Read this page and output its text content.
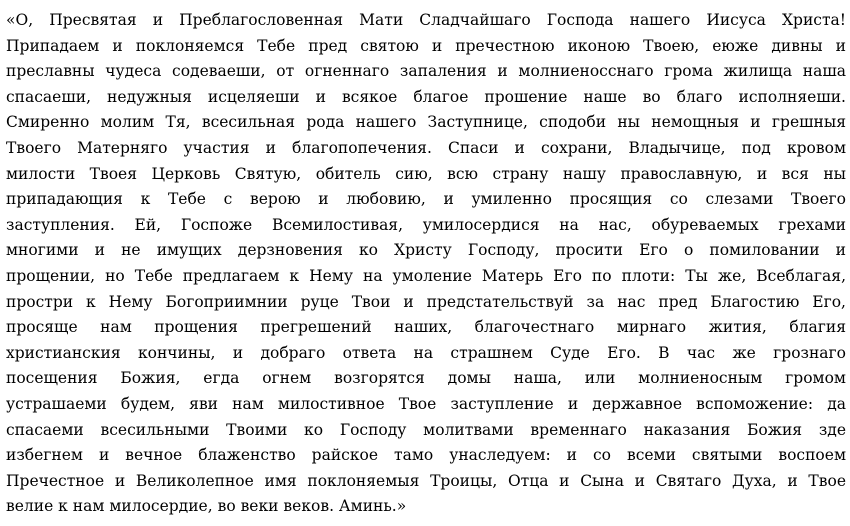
«О, Пресвятая и Преблагословенная Мати Сладчайшаго Господа нашего Иисуса Христа!
Припадаем и поклоняемся Тебе пред святою и пречестною иконою Твоею, еюже дивны и
преславны чудеса содеваеши, от огненнаго запаления и молниеносснаго грома жилища наша
спасаеши, недужныя исцеляеши и всякое благое прошение наше во благо исполняеши.
Смиренно молим Тя, всесильная рода нашего Заступнице, сподоби ны немощныя и грешныя
Твоего Матерняго участия и благопопечения. Спаси и сохрани, Владычице, под кровом
милости Твоея Церковь Святую, обитель сию, всю страну нашу православную, и вся ны
припадающия к Тебе с верою и любовию, и умиленно просящия со слезами Твоего
заступления. Ей, Госпоже Всемилостивая, умилосердися на нас, обуреваемых грехами
многими и не имущих дерзновения ко Христу Господу, просити Его о помиловании и
прощении, но Тебе предлагаем к Нему на умоление Матерь Его по плоти: Ты же, Всеблагая,
простри к Нему Богоприимнии руце Твои и предстательствуй за нас пред Благостию Его,
просяще нам прощения прегрешений наших, благочестнаго мирнаго жития, благия
христианския кончины, и добраго ответа на страшнем Суде Его. В час же грознаго
посещения Божия, егда огнем возгорятся домы наша, или молниеносным громом
устрашаеми будем, яви нам милостивное Твое заступление и державное вспоможение: да
спасаеми всесильными Твоими ко Господу молитвами временнаго наказания Божия зде
избегнем и вечное блаженство райское тамо унаследуем: и со всеми святыми воспоем
Пречестное и Великолепное имя поклоняемыя Троицы, Отца и Сына и Святаго Духа, и Твое
велие к нам милосердие, во веки веков. Аминь.»
